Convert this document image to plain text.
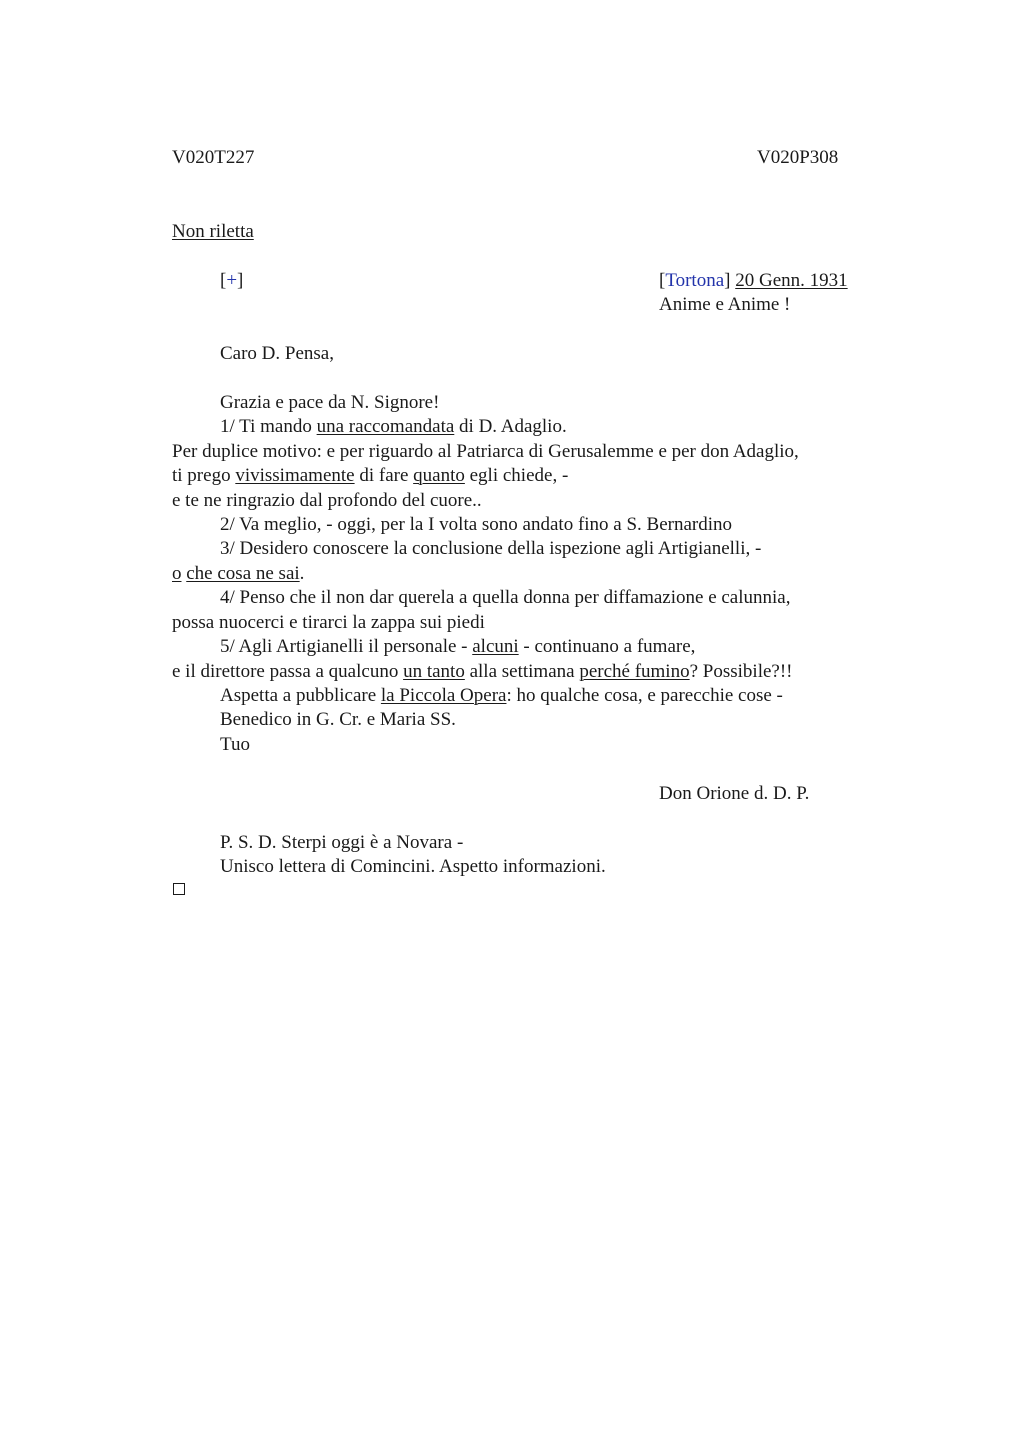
V020T227	V020P308
Non riletta
[+]	[Tortona] 20 Genn. 1931
Anime e Anime !
Caro D. Pensa,
Grazia e pace da N. Signore!
1/ Ti mando una raccomandata di D. Adaglio.
Per duplice motivo: e per riguardo al Patriarca di Gerusalemme e per don Adaglio,
ti prego vivissimamente di fare quanto egli chiede, -
e te ne ringrazio dal profondo del cuore..
2/ Va meglio, - oggi, per la I volta sono andato fino a S. Bernardino
3/ Desidero conoscere la conclusione della ispezione agli Artigianelli, -
o che cosa ne sai.
4/ Penso che il non dar querela a quella donna per diffamazione e calunnia,
possa nuocerci e tirarci la zappa sui piedi
5/ Agli Artigianelli il personale - alcuni - continuano a fumare,
e il direttore passa a qualcuno un tanto alla settimana perché fumino? Possibile?!!
Aspetta a pubblicare la Piccola Opera: ho qualche cosa, e parecchie cose -
Benedico in G. Cr. e Maria SS.
Tuo
Don Orione d. D. P.
P. S. D. Sterpi oggi è a Novara -
Unisco lettera di Comincini. Aspetto informazioni.
